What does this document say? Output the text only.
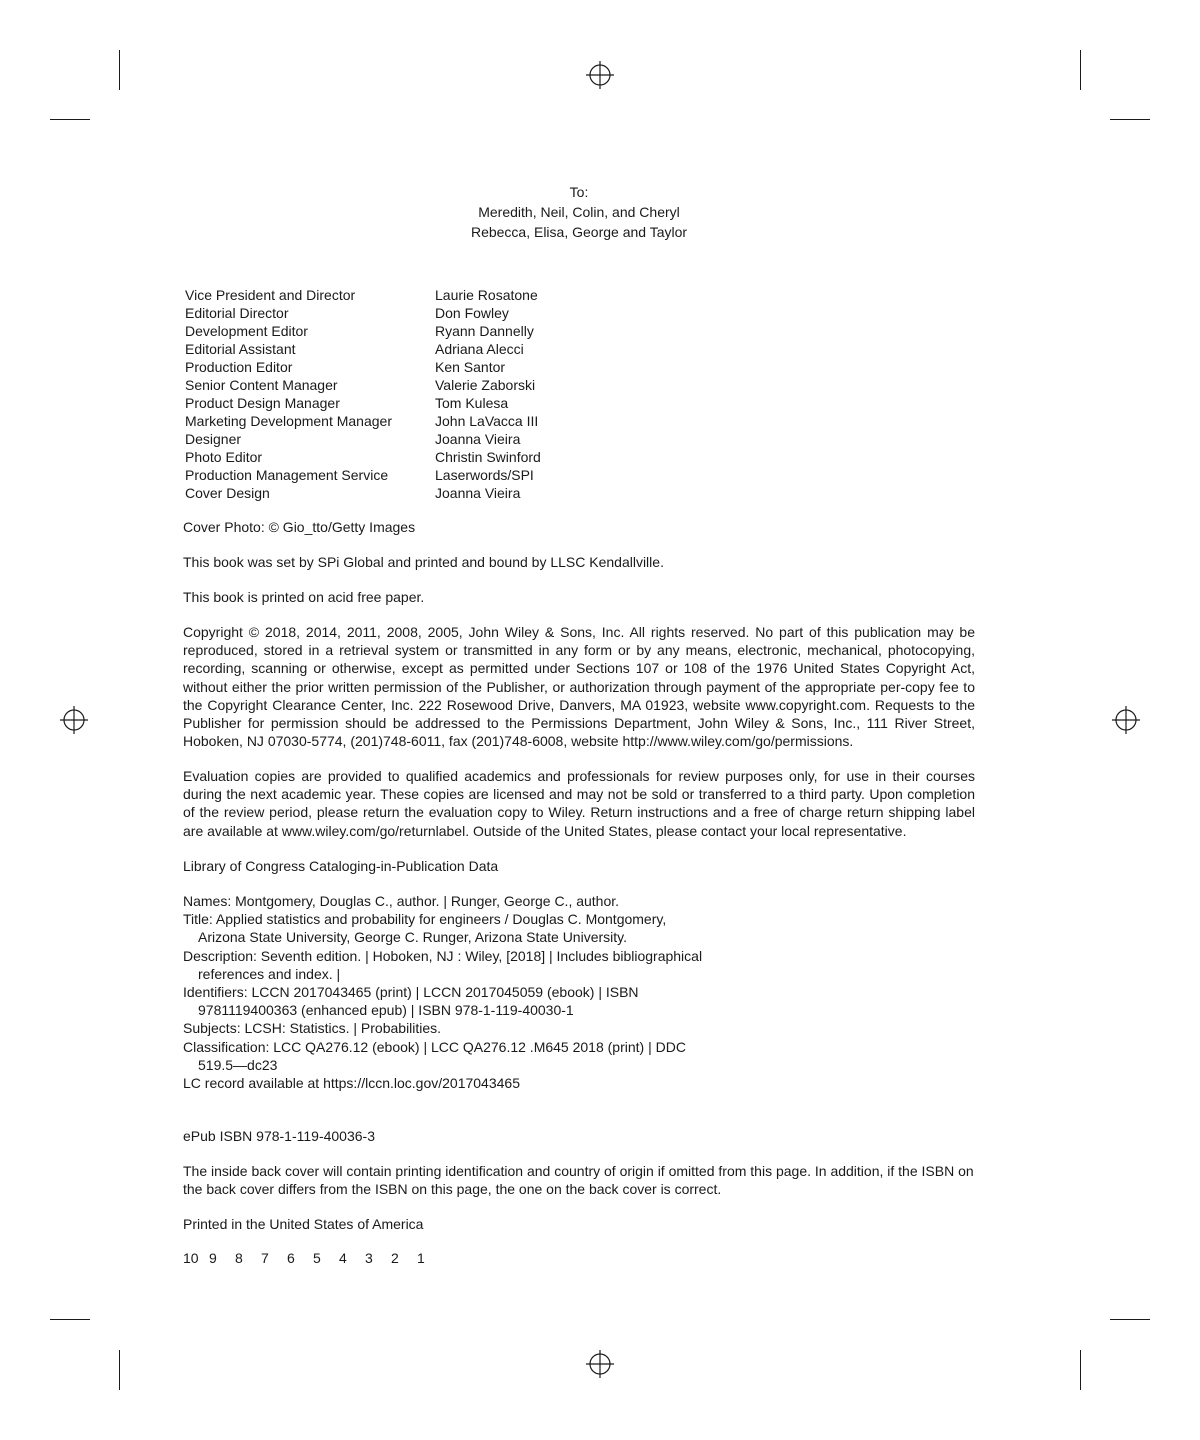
To:
Meredith, Neil, Colin, and Cheryl
Rebecca, Elisa, George and Taylor
Vice President and Director	Laurie Rosatone
Editorial Director	Don Fowley
Development Editor	Ryann Dannelly
Editorial Assistant	Adriana Alecci
Production Editor	Ken Santor
Senior Content Manager	Valerie Zaborski
Product Design Manager	Tom Kulesa
Marketing Development Manager	John LaVacca III
Designer	Joanna Vieira
Photo Editor	Christin Swinford
Production Management Service	Laserwords/SPI
Cover Design	Joanna Vieira
Cover Photo: © Gio_tto/Getty Images
This book was set by SPi Global and printed and bound by LLSC Kendallville.
This book is printed on acid free paper.

Copyright © 2018, 2014, 2011, 2008, 2005, John Wiley & Sons, Inc. All rights reserved. No part of this publication may be reproduced, stored in a retrieval system or transmitted in any form or by any means, electronic, mechanical, photocopying, recording, scanning or otherwise, except as permitted under Sections 107 or 108 of the 1976 United States Copyright Act, without either the prior written permission of the Publisher, or authorization through payment of the appropriate per-copy fee to the Copyright Clearance Center, Inc. 222 Rosewood Drive, Danvers, MA 01923, website www.copyright.com. Requests to the Publisher for permission should be addressed to the Permissions Department, John Wiley & Sons, Inc., 111 River Street, Hoboken, NJ 07030-5774, (201)748-6011, fax (201)748-6008, website http://www.wiley.com/go/permissions.

Evaluation copies are provided to qualified academics and professionals for review purposes only, for use in their courses during the next academic year. These copies are licensed and may not be sold or transferred to a third party. Upon completion of the review period, please return the evaluation copy to Wiley. Return instructions and a free of charge return shipping label are available at www.wiley.com/go/returnlabel. Outside of the United States, please contact your local representative.

Library of Congress Cataloging-in-Publication Data

Names: Montgomery, Douglas C., author. | Runger, George C., author.

Title: Applied statistics and probability for engineers / Douglas C. Montgomery, Arizona State University, George C. Runger, Arizona State University.

Description: Seventh edition. | Hoboken, NJ : Wiley, [2018] | Includes bibliographical references and index. |

Identifiers: LCCN 2017043465 (print) | LCCN 2017045059 (ebook) | ISBN 9781119400363 (enhanced epub) | ISBN 978-1-119-40030-1

Subjects: LCSH: Statistics. | Probabilities.

Classification: LCC QA276.12 (ebook) | LCC QA276.12 .M645 2018 (print) | DDC 519.5—dc23

LC record available at https://lccn.loc.gov/2017043465

ePub ISBN 978-1-119-40036-3

The inside back cover will contain printing identification and country of origin if omitted from this page. In addition, if the ISBN on the back cover differs from the ISBN on this page, the one on the back cover is correct.

Printed in the United States of America
10 9	8	7	6	5	4	3	2	1
